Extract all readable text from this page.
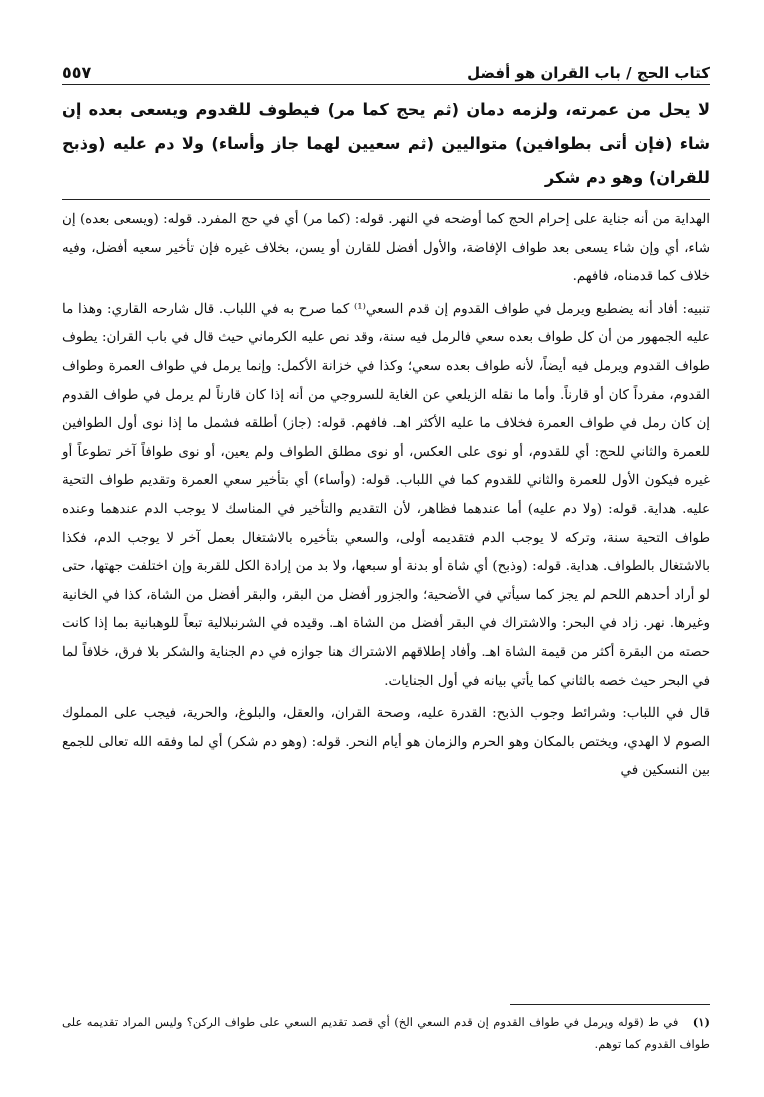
كتاب الحج / باب القران هو أفضل
٥٥٧
لا يحل من عمرته، ولزمه دمان (ثم يحج كما مر) فيطوف للقدوم ويسعى بعده إن شاء (فإن أتى بطوافين) متواليين (ثم سعيين لهما جاز وأساء) ولا دم عليه (وذبح للقران) وهو دم شكر

الهداية من أنه جناية على إحرام الحج كما أوضحه في النهر. قوله: (كما مر) أي في حج المفرد. قوله: (ويسعى بعده) إن شاء، أي وإن شاء يسعى بعد طواف الإفاضة، والأول أفضل للقارن أو يسن، بخلاف غيره فإن تأخير سعيه أفضل، وفيه خلاف كما قدمناه، فافهم.

تنبيه: أفاد أنه يضطبع ويرمل في طواف القدوم إن قدم السعي⁽¹⁾ كما صرح به في اللباب. قال شارحه القاري: وهذا ما عليه الجمهور من أن كل طواف بعده سعي فالرمل فيه سنة، وقد نص عليه الكرماني حيث قال في باب القران: يطوف طواف القدوم ويرمل فيه أيضاً، لأنه طواف بعده سعي؛ وكذا في خزانة الأكمل: وإنما يرمل في طواف العمرة وطواف القدوم، مفرداً كان أو قارناً. وأما ما نقله الزيلعي عن الغاية للسروجي من أنه إذا كان قارناً لم يرمل في طواف القدوم إن كان رمل في طواف العمرة فخلاف ما عليه الأكثر اهـ. فافهم. قوله: (جاز) أطلقه فشمل ما إذا نوى أول الطوافين للعمرة والثاني للحج: أي للقدوم، أو نوى على العكس، أو نوى مطلق الطواف ولم يعين، أو نوى طوافاً آخر تطوعاً أو غيره فيكون الأول للعمرة والثاني للقدوم كما في اللباب. قوله: (وأساء) أي بتأخير سعي العمرة وتقديم طواف التحية عليه. هداية. قوله: (ولا دم عليه) أما عندهما فظاهر، لأن التقديم والتأخير في المناسك لا يوجب الدم عندهما وعنده طواف التحية سنة، وتركه لا يوجب الدم فتقديمه أولى، والسعي بتأخيره بالاشتغال بعمل آخر لا يوجب الدم، فكذا بالاشتغال بالطواف. هداية. قوله: (وذبح) أي شاة أو بدنة أو سبعها، ولا بد من إرادة الكل للقربة وإن اختلفت جهتها، حتى لو أراد أحدهم اللحم لم يجز كما سيأتي في الأضحية؛ والجزور أفضل من البقر، والبقر أفضل من الشاة، كذا في الخانية وغيرها. نهر. زاد في البحر: والاشتراك في البقر أفضل من الشاة اهـ. وقيده في الشرنبلالية تبعاً للوهبانية بما إذا كانت حصته من البقرة أكثر من قيمة الشاة اهـ. وأفاد إطلاقهم الاشتراك هنا جوازه في دم الجناية والشكر بلا فرق، خلافاً لما في البحر حيث خصه بالثاني كما يأتي بيانه في أول الجنايات.

قال في اللباب: وشرائط وجوب الذبح: القدرة عليه، وصحة القران، والعقل، والبلوغ، والحرية، فيجب على المملوك الصوم لا الهدي، ويختص بالمكان وهو الحرم والزمان هو أيام النحر. قوله: (وهو دم شكر) أي لما وفقه الله تعالى للجمع بين النسكين في

(١) في ط (قوله ويرمل في طواف القدوم إن قدم السعي الخ) أي قصد تقديم السعي على طواف الركن؟ وليس المراد تقديمه على طواف القدوم كما توهم.
